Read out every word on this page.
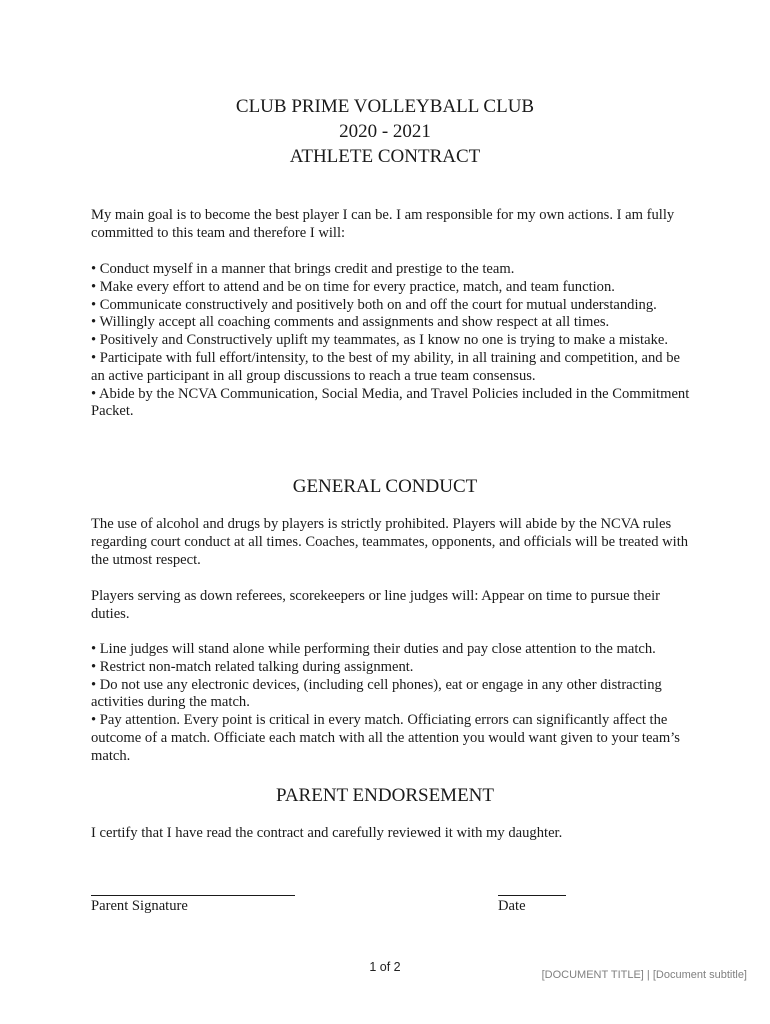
CLUB PRIME VOLLEYBALL CLUB
2020 - 2021
ATHLETE CONTRACT

My main goal is to become the best player I can be. I am responsible for my own actions. I am fully committed to this team and therefore I will:

• Conduct myself in a manner that brings credit and prestige to the team.

• Make every effort to attend and be on time for every practice, match, and team function.

• Communicate constructively and positively both on and off the court for mutual understanding.

• Willingly accept all coaching comments and assignments and show respect at all times.

• Positively and Constructively uplift my teammates, as I know no one is trying to make a mistake.

• Participate with full effort/intensity, to the best of my ability, in all training and competition, and be an active participant in all group discussions to reach a true team consensus.

• Abide by the NCVA Communication, Social Media, and Travel Policies included in the Commitment Packet.

GENERAL CONDUCT

The use of alcohol and drugs by players is strictly prohibited. Players will abide by the NCVA rules regarding court conduct at all times. Coaches, teammates, opponents, and officials will be treated with the utmost respect.

Players serving as down referees, scorekeepers or line judges will: Appear on time to pursue their duties.

• Line judges will stand alone while performing their duties and pay close attention to the match.

• Restrict non-match related talking during assignment.

• Do not use any electronic devices, (including cell phones), eat or engage in any other distracting activities during the match.

• Pay attention. Every point is critical in every match. Officiating errors can significantly affect the outcome of a match. Officiate each match with all the attention you would want given to your team’s match.

PARENT ENDORSEMENT

I certify that I have read the contract and carefully reviewed it with my daughter.

Parent Signature	Date
1 of 2
[DOCUMENT TITLE] | [Document subtitle]
